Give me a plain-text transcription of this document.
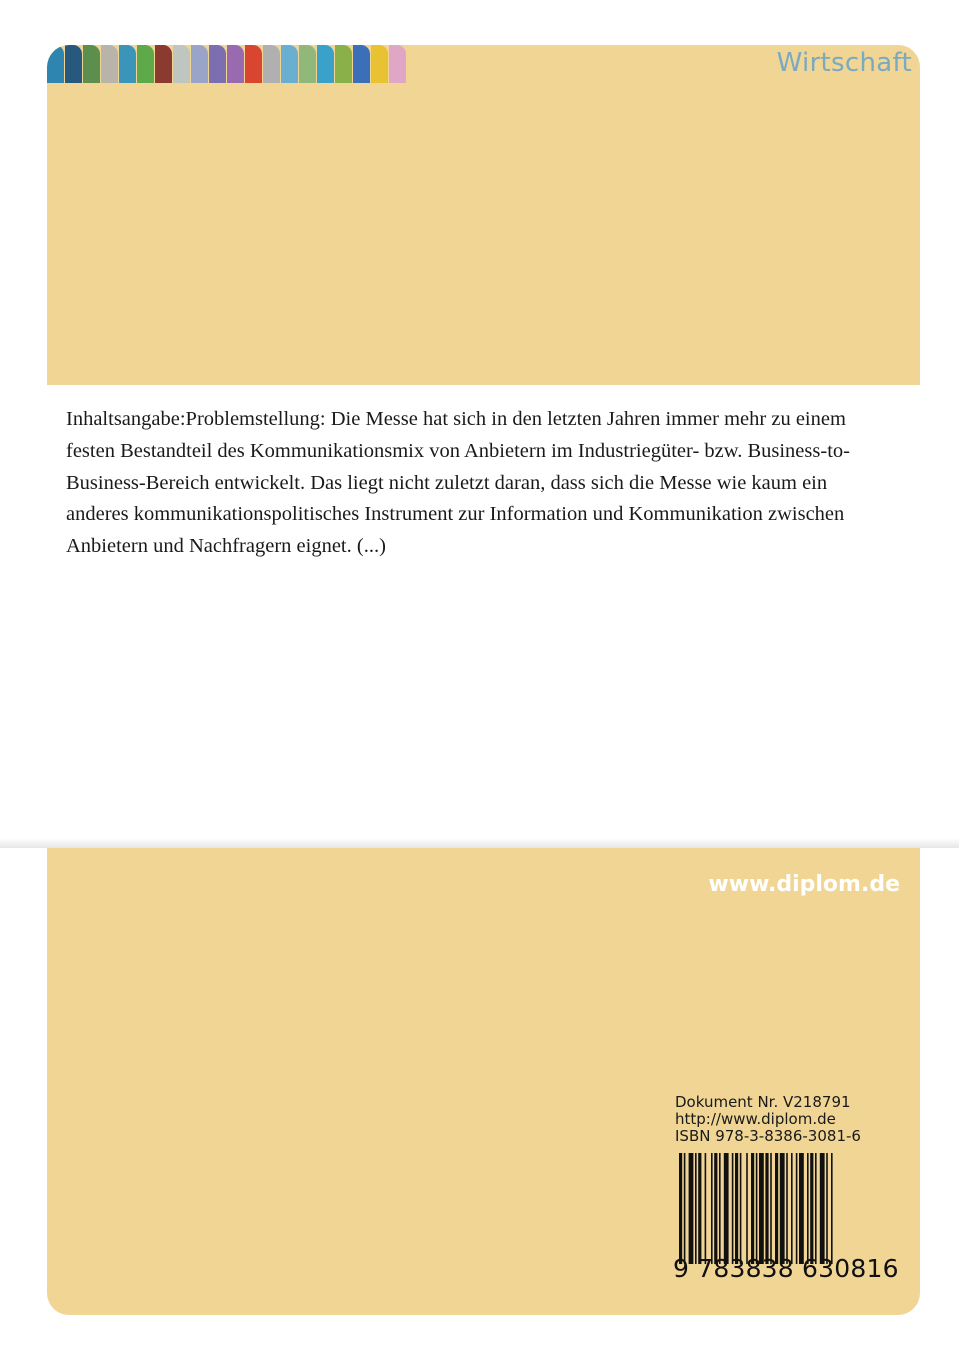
Wirtschaft

Inhaltsangabe:Problemstellung: Die Messe hat sich in den letzten Jahren immer mehr zu einem festen Bestandteil des Kommunikationsmix von Anbietern im Industriegüter- bzw. Business-to-Business-Bereich entwickelt. Das liegt nicht zuletzt daran, dass sich die Messe wie kaum ein anderes kommunikationspolitisches Instrument zur Information und Kommunikation zwischen Anbietern und Nachfragern eignet. (...)

www.diplom.de
Dokument Nr. V218791
http://www.diplom.de
ISBN 978-3-8386-3081-6
9 783838 630816
